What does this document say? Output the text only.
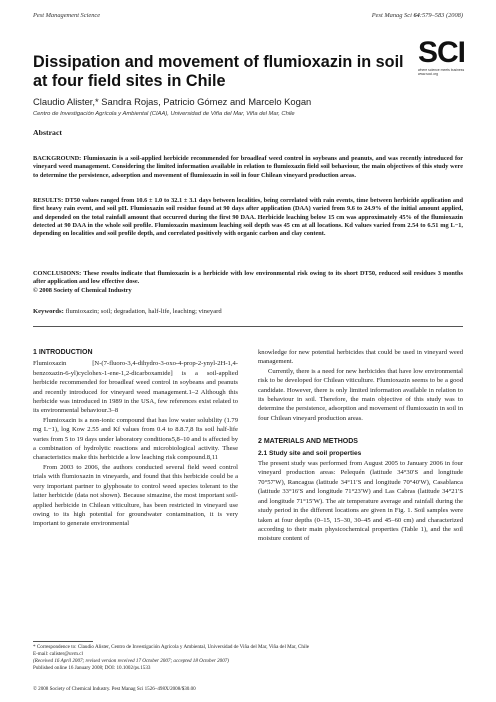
Pest Management Science	Pest Manag Sci 64:579–583 (2008)
SCI
where science meets business
www.soci.org
Dissipation and movement of flumioxazin in soil at four field sites in Chile
Claudio Alister,* Sandra Rojas, Patricio Gómez and Marcelo Kogan
Centro de Investigación Agrícola y Ambiental (CIAA), Universidad de Viña del Mar, Viña del Mar, Chile
Abstract
BACKGROUND: Flumioxazin is a soil-applied herbicide recommended for broadleaf weed control in soybeans and peanuts, and was recently introduced for vineyard weed management. Considering the limited information available in relation to flumioxazin field soil behaviour, the main objectives of this study were to determine the persistence, adsorption and movement of flumioxazin in soil in four Chilean vineyard production areas.
RESULTS: DT50 values ranged from 10.6 ± 1.0 to 32.1 ± 3.1 days between localities, being correlated with rain events, time between herbicide application and first heavy rain event, and soil pH. Flumioxazin soil residue found at 90 days after application (DAA) varied from 9.6 to 24.9% of the initial amount applied, and depended on the total rainfall amount that occurred during the first 90 DAA. Herbicide leaching below 15 cm was approximately 45% of the flumioxazin detected at 90 DAA in the whole soil profile. Flumioxazin maximum leaching soil depth was 45 cm at all locations. Kd values varied from 2.54 to 6.51 mg L−1, depending on localities and soil profile depth, and correlated positively with organic carbon and clay content.
CONCLUSIONS: These results indicate that flumioxazin is a herbicide with low environmental risk owing to its short DT50, reduced soil residues 3 months after application and low effective dose.
© 2008 Society of Chemical Industry
Keywords: flumioxazin; soil; degradation, half-life, leaching; vineyard
1 INTRODUCTION

Flumioxazin [N-(7-fluoro-3,4-dihydro-3-oxo-4-prop-2-ynyl-2H-1,4-benzoxazin-6-yl)cyclohex-1-ene-1,2-dicarboxamide] is a soil-applied herbicide recommended for broadleaf weed control in soybeans and peanuts and recently introduced for vineyard weed management.1–2 Although this herbicide was introduced in 1989 in the USA, few references exist related to its environmental behaviour.3–8

Flumioxazin is a non-ionic compound that has low water solubility (1.79 mg L−1), log Kow 2.55 and Kf values from 0.4 to 8.8.7,8 Its soil half-life varies from 5 to 19 days under laboratory conditions5,8–10 and is affected by a combination of hydrolytic reactions and microbiological activity. These characteristics make this herbicide a low leaching risk compound.8,11

From 2003 to 2006, the authors conducted several field weed control trials with flumioxazin in vineyards, and found that this herbicide could be a very important partner to glyphosate to control weed species tolerant to the latter herbicide (data not shown). Because simazine, the most important soil-applied herbicide in Chilean viticulture, has been restricted in vineyard use owing to its high potential for groundwater contamination, it is very important to generate environmental

knowledge for new potential herbicides that could be used in vineyard weed management.

Currently, there is a need for new herbicides that have low environmental risk to be developed for Chilean viticulture. Flumioxazin seems to be a good candidate. However, there is only limited information available in relation to its behaviour in soil. Therefore, the main objective of this study was to determine the persistence, adsorption and movement of flumioxazin in soil in four Chilean vineyard production areas.

2 MATERIALS AND METHODS
2.1 Study site and soil properties

The present study was performed from August 2005 to January 2006 in four vineyard production areas: Pelequén (latitude 34°30′S and longitude 70°57′W), Rancagua (latitude 34°11′S and longitude 70°40′W), Casablanca (latitude 33°16′S and longitude 71°23′W) and Las Cabras (latitude 34°21′S and longitude 71°15′W). The air temperature average and rainfall during the study period in the different locations are given in Fig. 1. Soil samples were taken at four depths (0–15, 15–30, 30–45 and 45–60 cm) and characterized according to their main physicochemical properties (Table 1), and the soil moisture content of

* Correspondence to: Claudio Alister, Centro de Investigación Agrícola y Ambiental, Universidad de Viña del Mar, Viña del Mar, Chile
E-mail: calister@uvm.cl
(Received 16 April 2007; revised version received 17 October 2007; accepted 18 October 2007)
Published online 16 January 2008; DOI: 10.1002/ps.1533
© 2008 Society of Chemical Industry. Pest Manag Sci 1526–498X/2008/$30.00
